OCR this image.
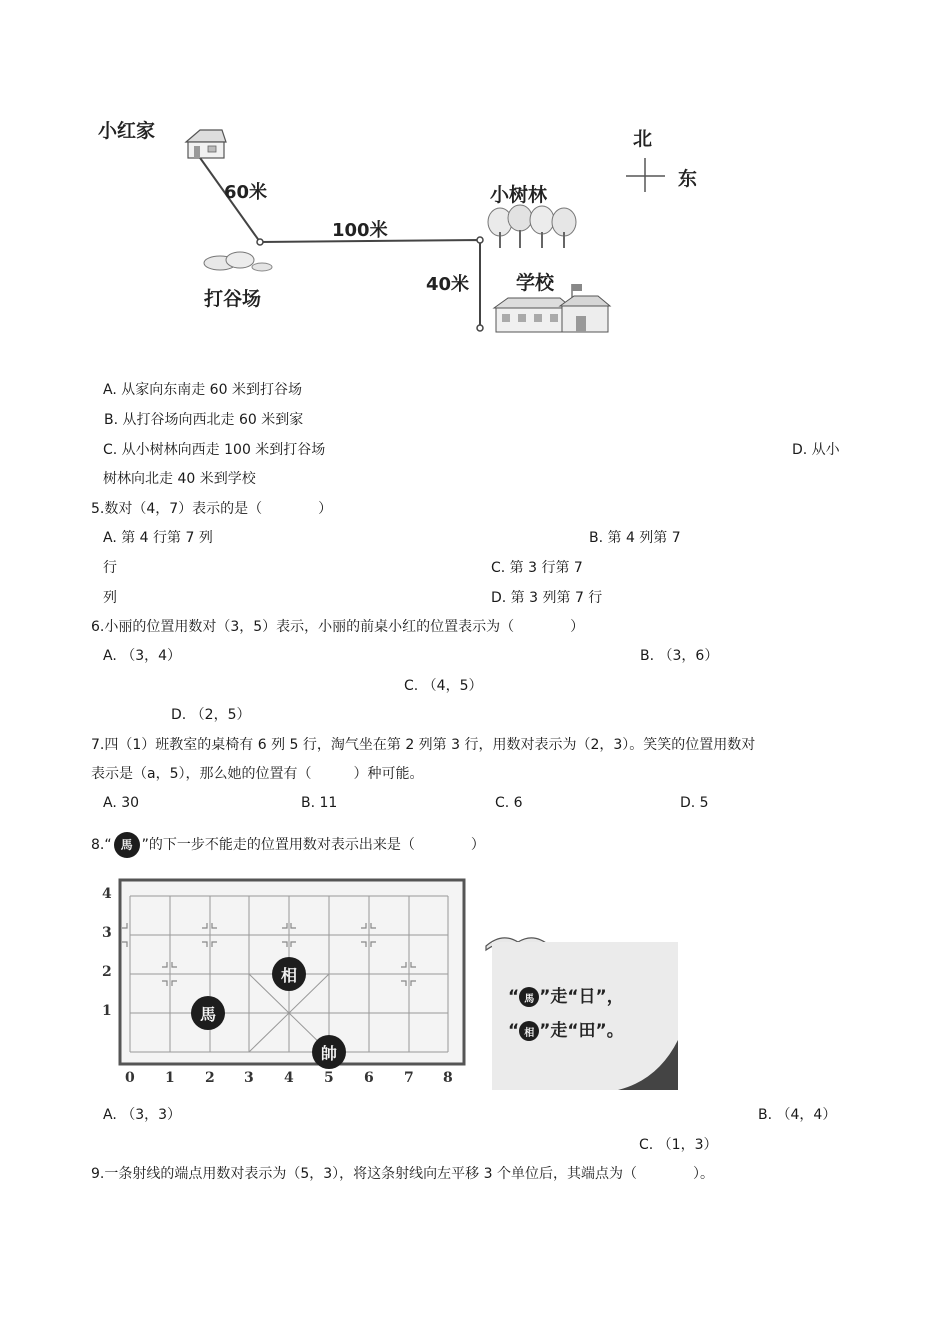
小红家
打谷场
小树林
学校
北
东
60米
100米
40米
A. 从家向东南走 60 米到打谷场
B. 从打谷场向西北走 60 米到家
C. 从小树林向西走 100 米到打谷场	D. 从小
树林向北走 40 米到学校
5.数对（4，7）表示的是（　　　　）
A. 第 4 行第 7 列	B. 第 4 列第 7
行	C. 第 3 行第 7
列	D. 第 3 列第 7 行
6.小丽的位置用数对（3，5）表示，小丽的前桌小红的位置表示为（　　　　）
A. （3，4）	B. （3，6）
C. （4，5）
D. （2，5）
7.四（1）班教室的桌椅有 6 列 5 行，淘气坐在第 2 列第 3 行，用数对表示为（2，3）。笑笑的位置用数对
表示是（a，5），那么她的位置有（　　　）种可能。
A. 30	B. 11	C. 6	D. 5
8.“ 馬 ”的下一步不能走的位置用数对表示出来是（　　　　）
4
3
2
1
0 1 2 3 4 5 6 7 8
馬
相
帥
“ 馬 ”走“日”，
“ 相 ”走“田”。
A. （3，3）	B. （4，4）
C. （1，3）
9.一条射线的端点用数对表示为（5，3），将这条射线向左平移 3 个单位后，其端点为（　　　　）。
